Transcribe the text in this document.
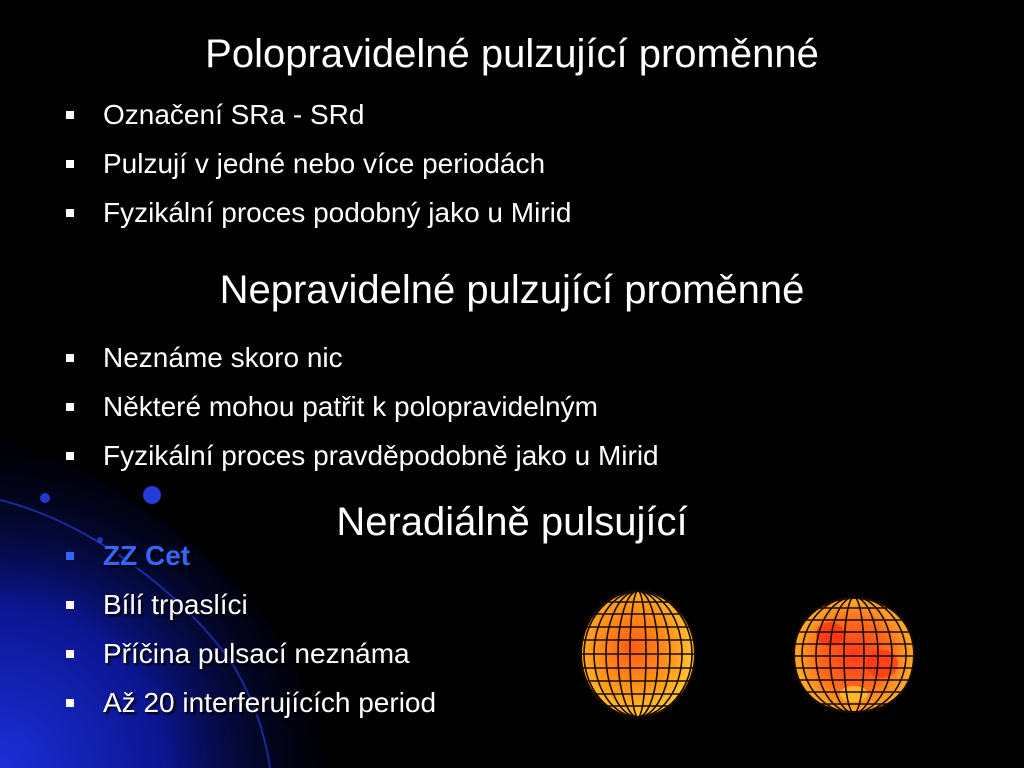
Polopravidelné pulzující proměnné
Označení SRa - SRd
Pulzují v jedné nebo více periodách
Fyzikální proces podobný jako u Mirid
Nepravidelné pulzující proměnné
Neznáme skoro nic
Některé mohou patřit k polopravidelným
Fyzikální proces pravděpodobně jako u Mirid
Neradiálně pulsující
ZZ Cet
Bílí trpaslíci
Příčina pulsací neznáma
Až 20 interferujících period
